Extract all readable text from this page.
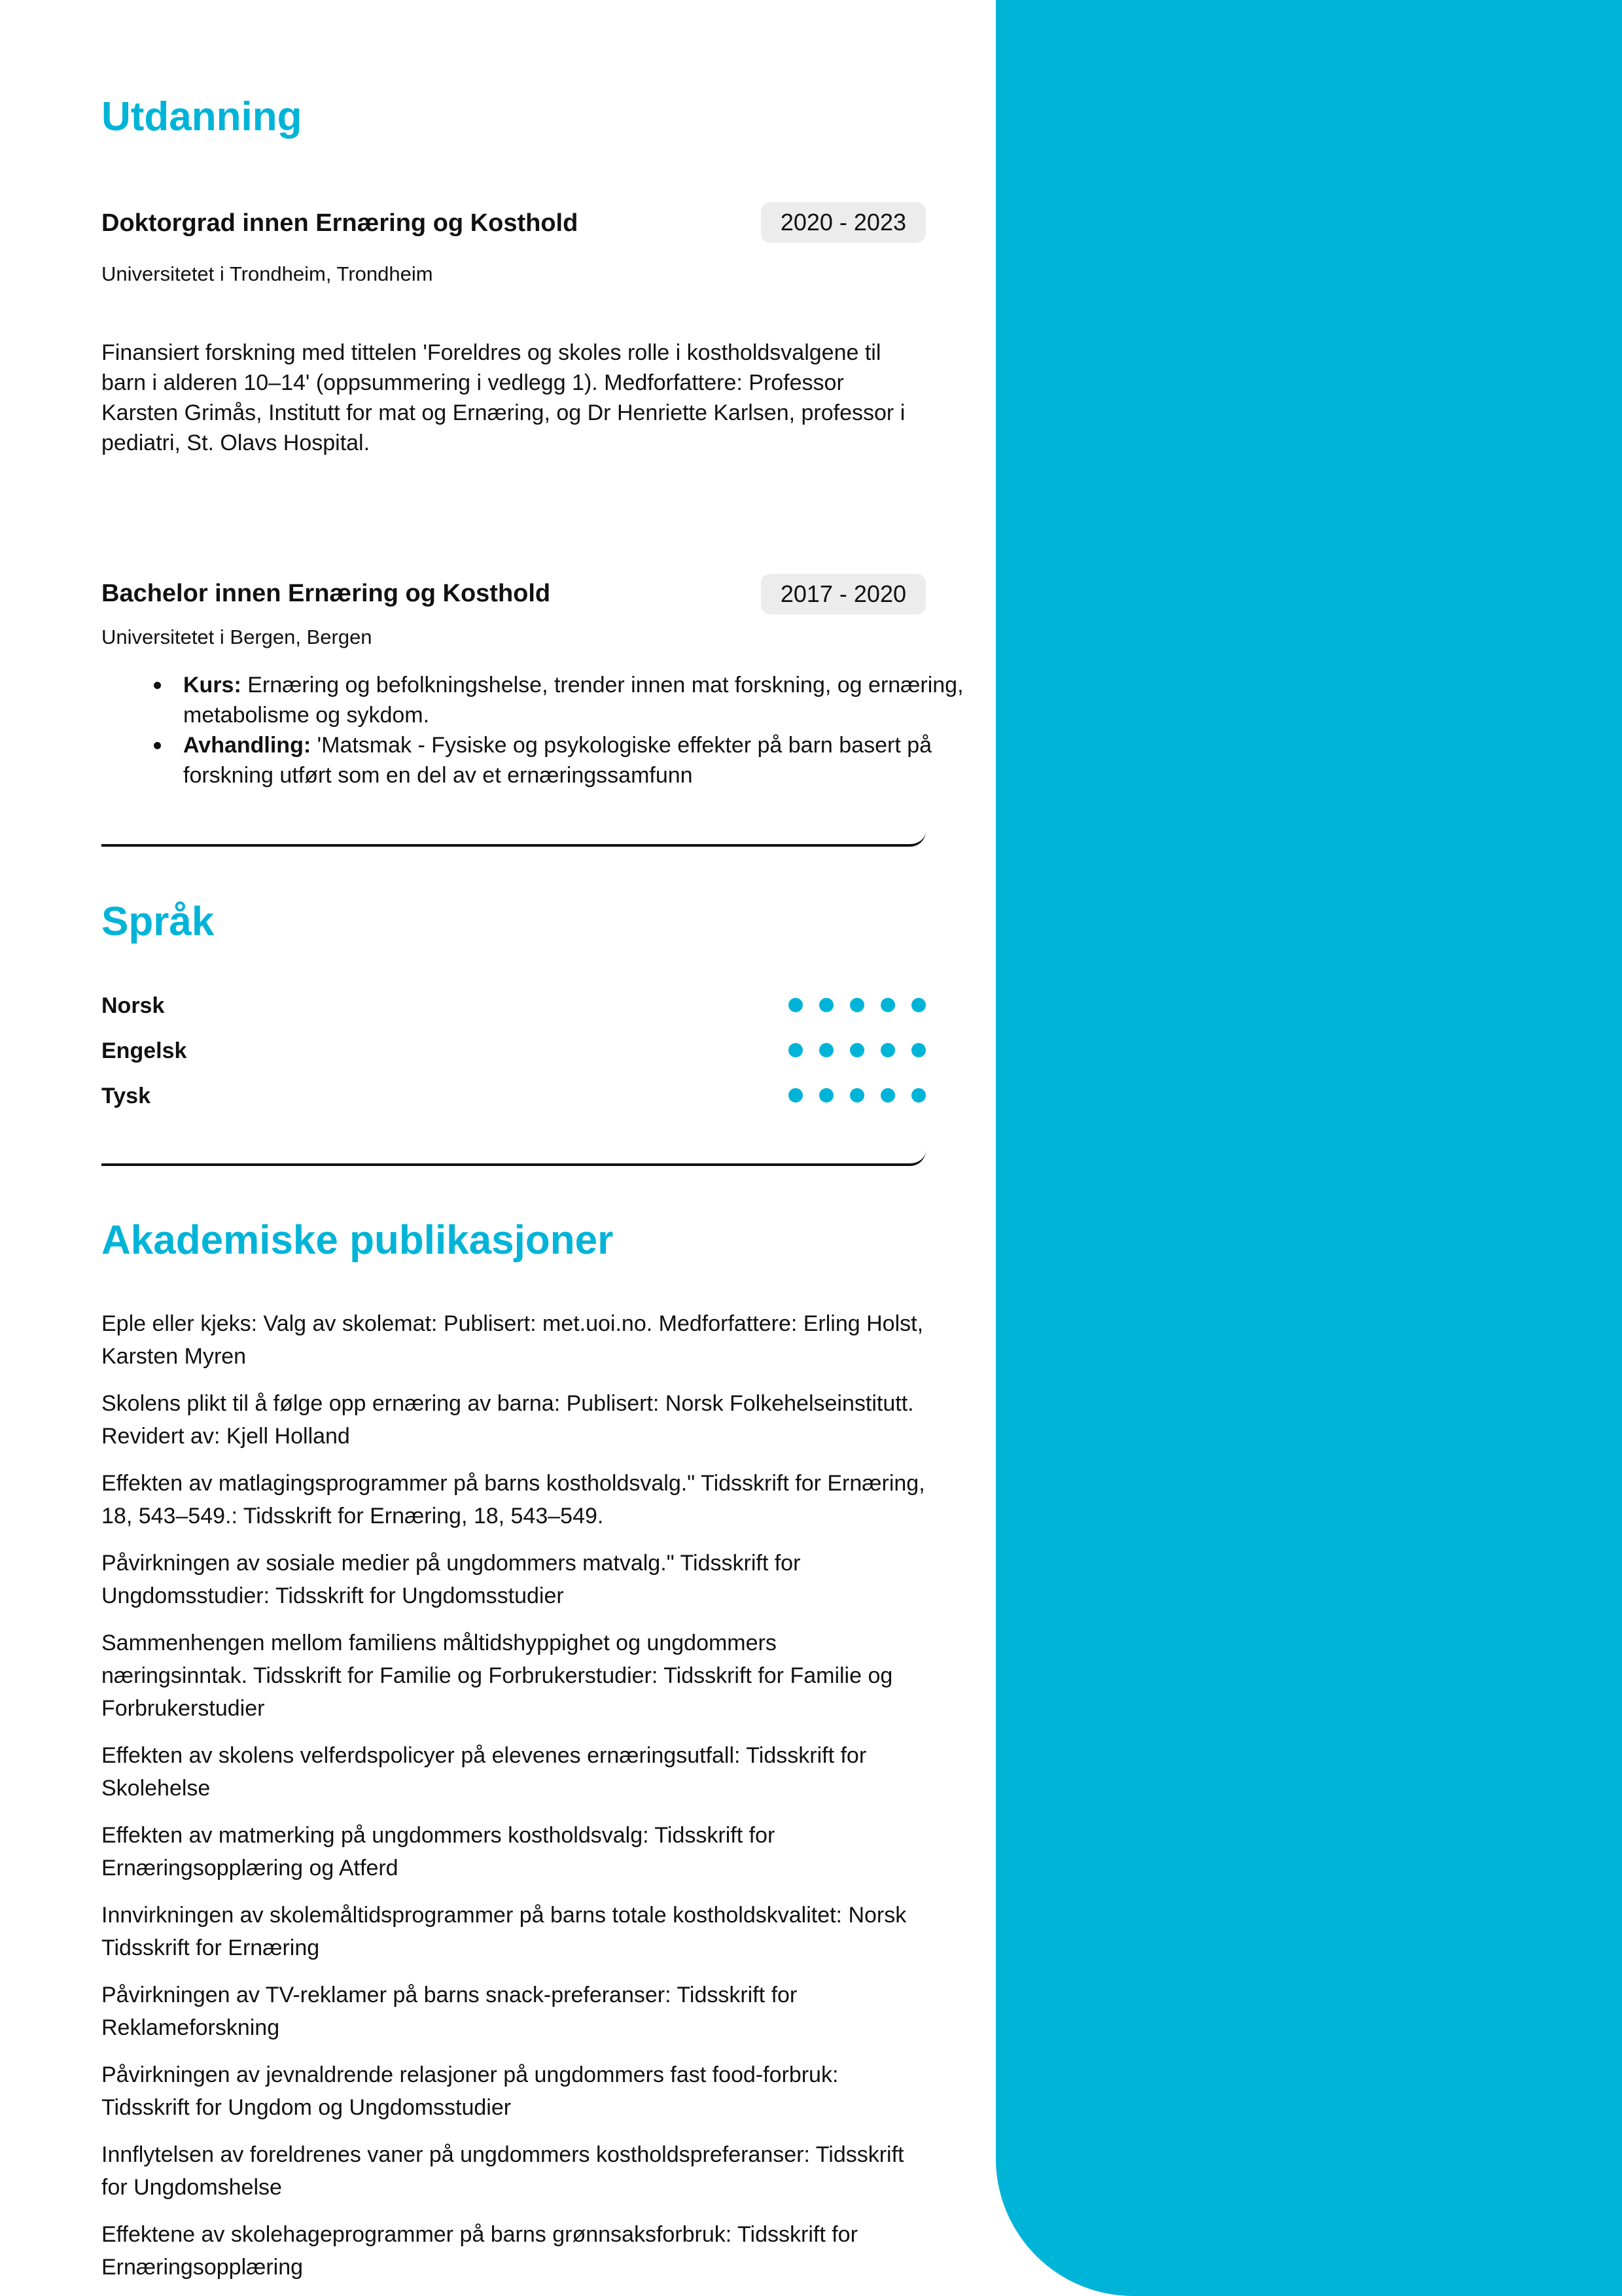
Utdanning
Doktorgrad innen Ernæring og Kosthold	2020 - 2023

Universitetet i Trondheim, Trondheim

Finansiert forskning med tittelen 'Foreldres og skoles rolle i kostholdsvalgene til barn i alderen 10–14' (oppsummering i vedlegg 1). Medforfattere: Professor Karsten Grimås, Institutt for mat og Ernæring, og Dr Henriette Karlsen, professor i pediatri, St. Olavs Hospital.

Bachelor innen Ernæring og Kosthold	2017 - 2020

Universitetet i Bergen, Bergen

Kurs: Ernæring og befolkningshelse, trender innen mat forskning, og ernæring, metabolisme og sykdom.
Avhandling: 'Matsmak - Fysiske og psykologiske effekter på barn basert på forskning utført som en del av et ernæringssamfunn
Språk
Norsk
Engelsk
Tysk
Akademiske publikasjoner

Eple eller kjeks: Valg av skolemat: Publisert: met.uoi.no. Medforfattere: Erling Holst, Karsten Myren

Skolens plikt til å følge opp ernæring av barna: Publisert: Norsk Folkehelseinstitutt. Revidert av: Kjell Holland

Effekten av matlagingsprogrammer på barns kostholdsvalg." Tidsskrift for Ernæring, 18, 543–549.: Tidsskrift for Ernæring, 18, 543–549.

Påvirkningen av sosiale medier på ungdommers matvalg." Tidsskrift for Ungdomsstudier: Tidsskrift for Ungdomsstudier

Sammenhengen mellom familiens måltidshyppighet og ungdommers næringsinntak. Tidsskrift for Familie og Forbrukerstudier: Tidsskrift for Familie og Forbrukerstudier

Effekten av skolens velferdspolicyer på elevenes ernæringsutfall: Tidsskrift for Skolehelse

Effekten av matmerking på ungdommers kostholdsvalg: Tidsskrift for Ernæringsopplæring og Atferd

Innvirkningen av skolemåltidsprogrammer på barns totale kostholdskvalitet: Norsk Tidsskrift for Ernæring

Påvirkningen av TV-reklamer på barns snack-preferanser: Tidsskrift for Reklameforskning

Påvirkningen av jevnaldrende relasjoner på ungdommers fast food-forbruk: Tidsskrift for Ungdom og Ungdomsstudier

Innflytelsen av foreldrenes vaner på ungdommers kostholdspreferanser: Tidsskrift for Ungdomshelse

Effektene av skolehageprogrammer på barns grønnsaksforbruk: Tidsskrift for Ernæringsopplæring
